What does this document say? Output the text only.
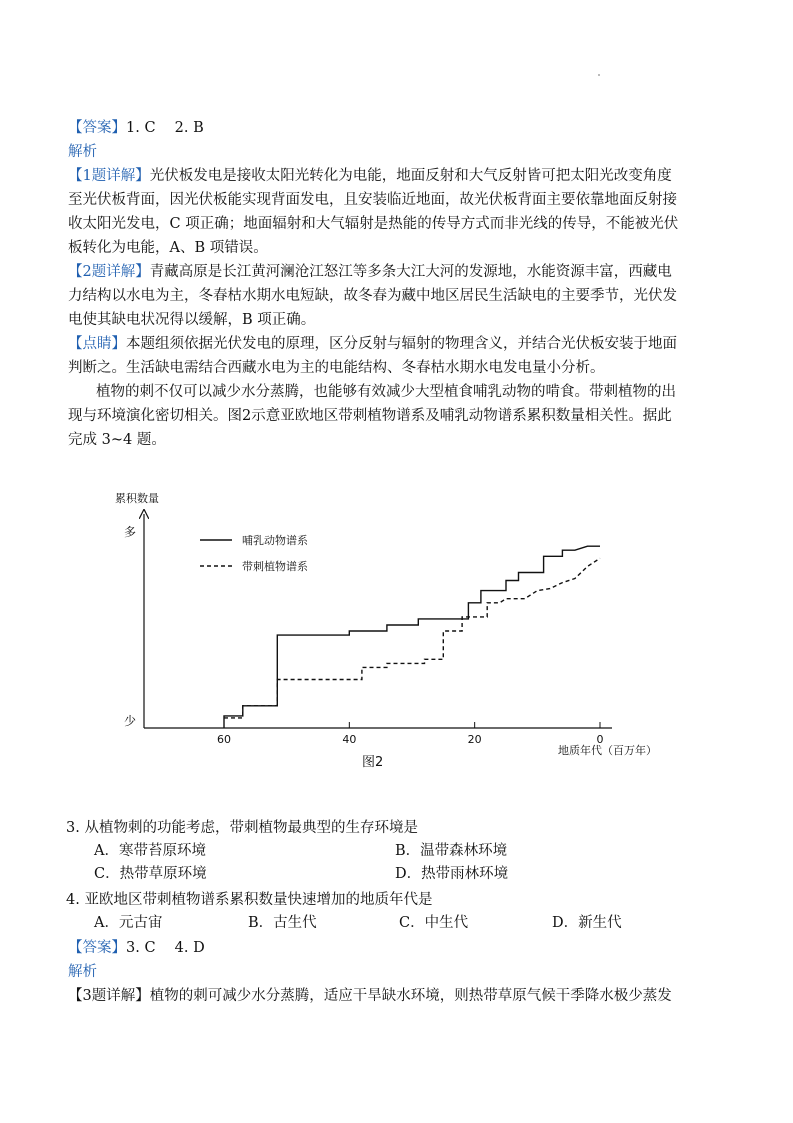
【答案】1. C　 2. B
解析
【1题详解】光伏板发电是接收太阳光转化为电能，地面反射和大气反射皆可把太阳光改变角度
至光伏板背面，因光伏板能实现背面发电，且安装临近地面，故光伏板背面主要依靠地面反射接
收太阳光发电，C 项正确；地面辐射和大气辐射是热能的传导方式而非光线的传导，不能被光伏
板转化为电能，A、B 项错误。
【2题详解】青藏高原是长江黄河澜沧江怒江等多条大江大河的发源地，水能资源丰富，西藏电
力结构以水电为主，冬春枯水期水电短缺，故冬春为藏中地区居民生活缺电的主要季节，光伏发
电使其缺电状况得以缓解，B 项正确。
【点睛】本题组须依据光伏发电的原理，区分反射与辐射的物理含义，并结合光伏板安装于地面
判断之。生活缺电需结合西藏水电为主的电能结构、冬春枯水期水电发电量小分析。
植物的刺不仅可以减少水分蒸腾，也能够有效减少大型植食哺乳动物的啃食。带刺植物的出
现与环境演化密切相关。图2示意亚欧地区带刺植物谱系及哺乳动物谱系累积数量相关性。据此
完成 3~4 题。
累积数量
多
少
60	40	20	0
地质年代（百万年）
哺乳动物谱系
带刺植物谱系
图2
3. 从植物刺的功能考虑，带刺植物最典型的生存环境是
A．寒带苔原环境	B．温带森林环境
C．热带草原环境	D．热带雨林环境
4. 亚欧地区带刺植物谱系累积数量快速增加的地质年代是
A．元古宙	B．古生代	C．中生代	D．新生代
【答案】3. C　 4. D
解析
【3题详解】植物的刺可减少水分蒸腾，适应干旱缺水环境，则热带草原气候干季降水极少蒸发
